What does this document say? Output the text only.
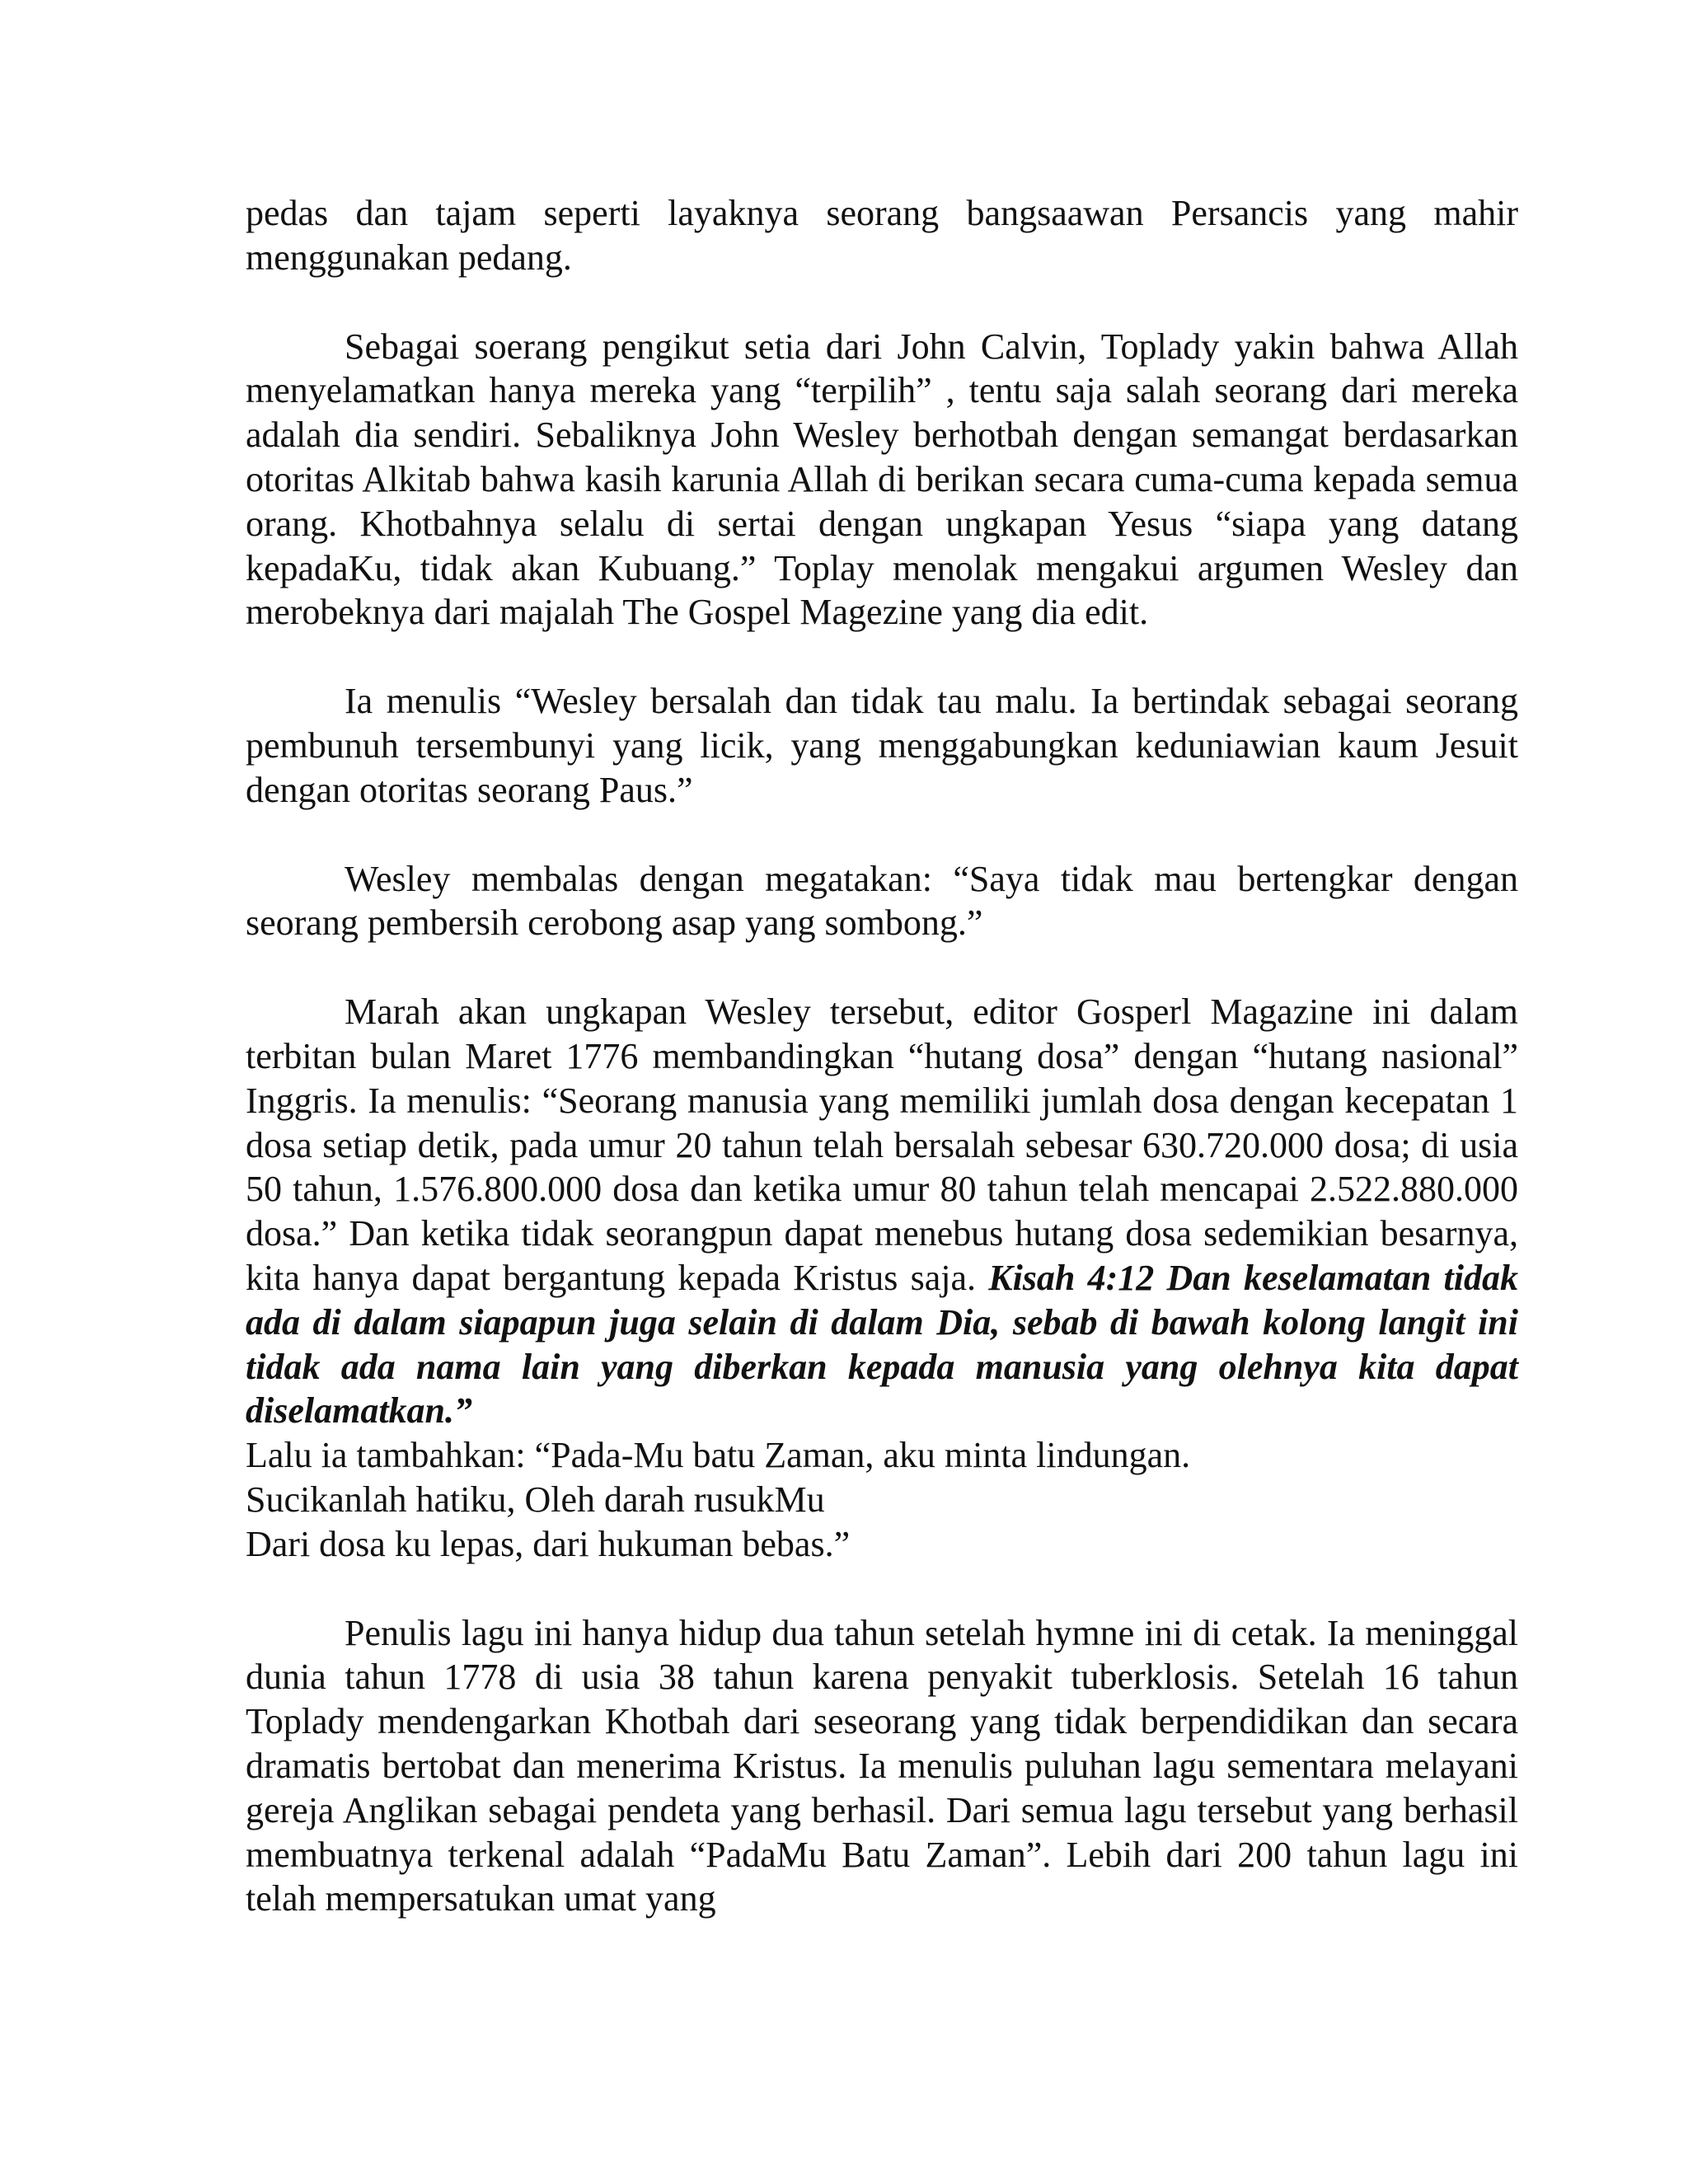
pedas dan tajam seperti layaknya seorang bangsaawan Persancis yang mahir menggunakan pedang.

Sebagai soerang pengikut setia dari John Calvin, Toplady yakin bahwa Allah menyelamatkan hanya mereka yang “terpilih” , tentu saja salah seorang dari mereka adalah dia sendiri. Sebaliknya John Wesley berhotbah dengan semangat berdasarkan otoritas Alkitab bahwa kasih karunia Allah di berikan secara cuma-cuma kepada semua orang. Khotbahnya selalu di sertai dengan ungkapan Yesus “siapa yang datang kepadaKu, tidak akan Kubuang.” Toplay menolak mengakui argumen Wesley dan merobeknya dari majalah The Gospel Magezine yang dia edit.

Ia menulis “Wesley bersalah dan tidak tau malu. Ia bertindak sebagai seorang pembunuh tersembunyi yang licik, yang menggabungkan keduniawian kaum Jesuit dengan otoritas seorang Paus.”

Wesley membalas dengan megatakan: “Saya tidak mau bertengkar dengan seorang pembersih cerobong asap yang sombong.”

Marah akan ungkapan Wesley tersebut, editor Gosperl Magazine ini dalam terbitan bulan Maret 1776 membandingkan “hutang dosa” dengan “hutang nasional” Inggris. Ia menulis: “Seorang manusia yang memiliki jumlah dosa dengan kecepatan 1 dosa setiap detik, pada umur 20 tahun telah bersalah sebesar 630.720.000 dosa; di usia 50 tahun, 1.576.800.000 dosa dan ketika umur 80 tahun telah mencapai 2.522.880.000 dosa.” Dan ketika tidak seorangpun dapat menebus hutang dosa sedemikian besarnya, kita hanya dapat bergantung kepada Kristus saja. Kisah 4:12 Dan keselamatan tidak ada di dalam siapapun juga selain di dalam Dia, sebab di bawah kolong langit ini tidak ada nama lain yang diberkan kepada manusia yang olehnya kita dapat diselamatkan.”

Lalu ia tambahkan: “Pada-Mu batu Zaman, aku minta lindungan.

Sucikanlah hatiku, Oleh darah rusukMu

Dari dosa ku lepas, dari hukuman bebas.”

Penulis lagu ini hanya hidup dua tahun setelah hymne ini di cetak. Ia meninggal dunia tahun 1778 di usia 38 tahun karena penyakit tuberklosis. Setelah 16 tahun Toplady mendengarkan Khotbah dari seseorang yang tidak berpendidikan dan secara dramatis bertobat dan menerima Kristus. Ia menulis puluhan lagu sementara melayani gereja Anglikan sebagai pendeta yang berhasil. Dari semua lagu tersebut yang berhasil membuatnya terkenal adalah “PadaMu Batu Zaman”. Lebih dari 200 tahun lagu ini telah mempersatukan umat yang
